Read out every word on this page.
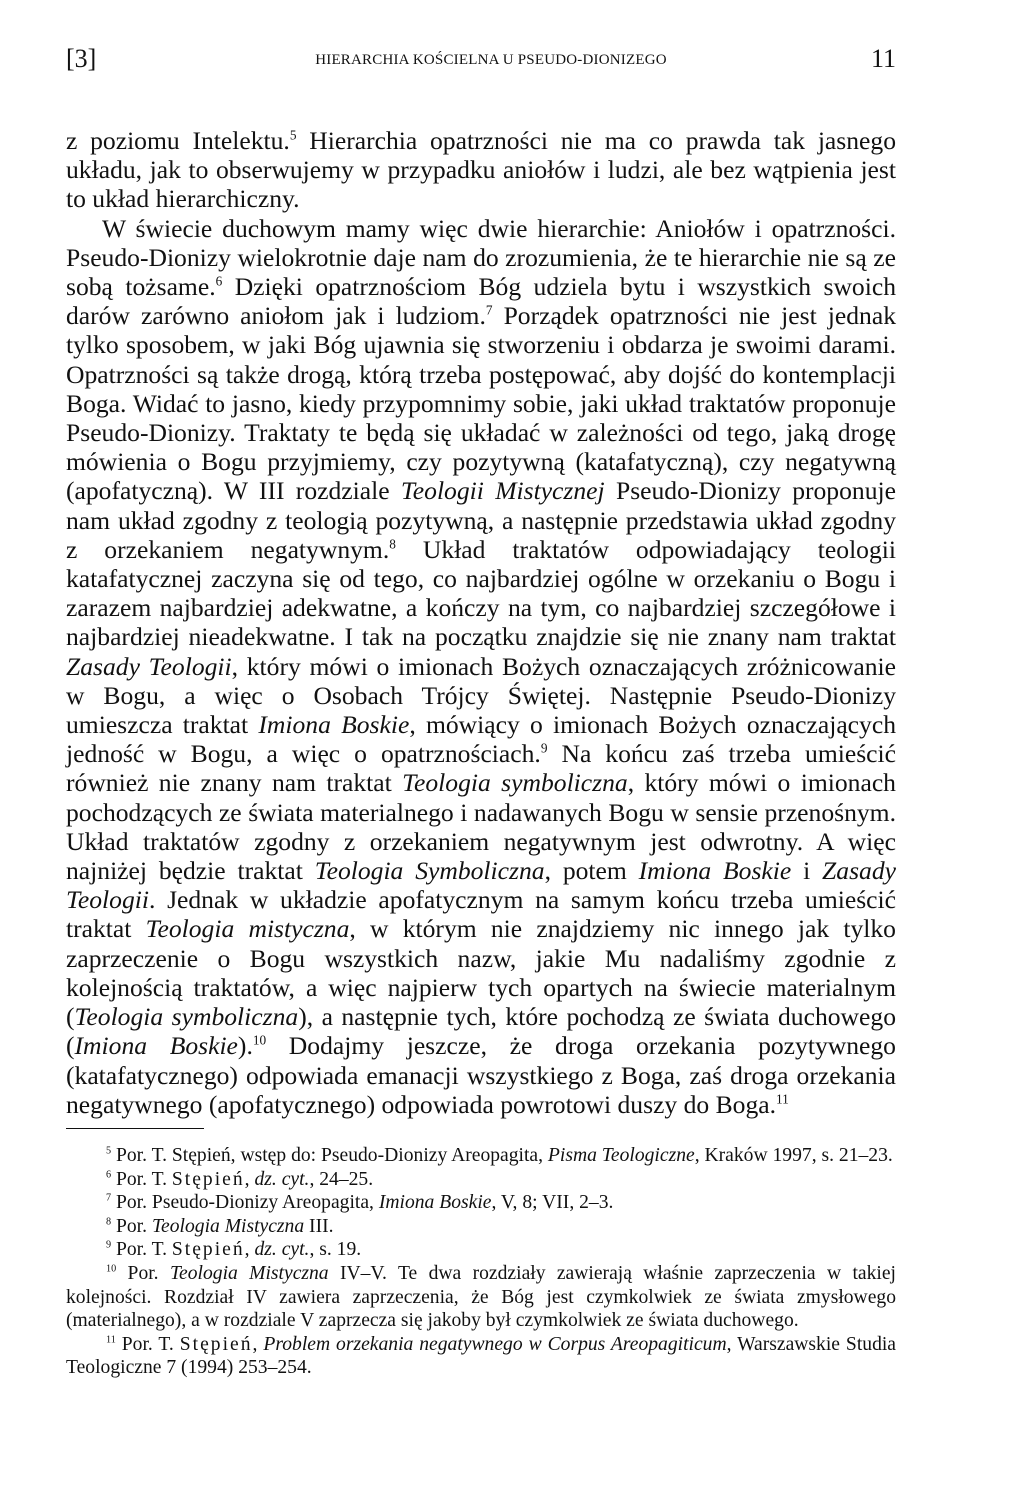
[3]	HIERARCHIA KOŚCIELNA U PSEUDO-DIONIZEGO	11

z poziomu Intelektu.$^5$ Hierarchia opatrzności nie ma co prawda tak jasnego układu, jak to obserwujemy w przypadku aniołów i ludzi, ale bez wątpienia jest to układ hierarchiczny.

W świecie duchowym mamy więc dwie hierarchie: Aniołów i opatrzności. Pseudo-Dionizy wielokrotnie daje nam do zrozumienia, że te hierarchie nie są ze sobą tożsame.$^6$ Dzięki opatrznościom Bóg udziela bytu i wszystkich swoich darów zarówno aniołom jak i ludziom.$^7$ Porządek opatrzności nie jest jednak tylko sposobem, w jaki Bóg ujawnia się stworzeniu i obdarza je swoimi darami. Opatrzności są także drogą, którą trzeba postępować, aby dojść do kontemplacji Boga. Widać to jasno, kiedy przypomnimy sobie, jaki układ traktatów proponuje Pseudo-Dionizy. Traktaty te będą się układać w zależności od tego, jaką drogę mówienia o Bogu przyjmiemy, czy pozytywną (katafatyczną), czy negatywną (apofatyczną). W III rozdziale Teologii Mistycznej Pseudo-Dionizy proponuje nam układ zgodny z teologią pozytywną, a następnie przedstawia układ zgodny z orzekaniem negatywnym.$^8$ Układ traktatów odpowiadający teologii katafatycznej zaczyna się od tego, co najbardziej ogólne w orzekaniu o Bogu i zarazem najbardziej adekwatne, a kończy na tym, co najbardziej szczegółowe i najbardziej nieadekwatne. I tak na początku znajdzie się nie znany nam traktat Zasady Teologii, który mówi o imionach Bożych oznaczających zróżnicowanie w Bogu, a więc o Osobach Trójcy Świętej. Następnie Pseudo-Dionizy umieszcza traktat Imiona Boskie, mówiący o imionach Bożych oznaczających jedność w Bogu, a więc o opatrznościach.$^9$ Na końcu zaś trzeba umieścić również nie znany nam traktat Teologia symboliczna, który mówi o imionach pochodzących ze świata materialnego i nadawanych Bogu w sensie przenośnym. Układ traktatów zgodny z orzekaniem negatywnym jest odwrotny. A więc najniżej będzie traktat Teologia Symboliczna, potem Imiona Boskie i Zasady Teologii. Jednak w układzie apofatycznym na samym końcu trzeba umieścić traktat Teologia mistyczna, w którym nie znajdziemy nic innego jak tylko zaprzeczenie o Bogu wszystkich nazw, jakie Mu nadaliśmy zgodnie z kolejnością traktatów, a więc najpierw tych opartych na świecie materialnym (Teologia symboliczna), a następnie tych, które pochodzą ze świata duchowego (Imiona Boskie).$^{10}$ Dodajmy jeszcze, że droga orzekania pozytywnego (katafatycznego) odpowiada emanacji wszystkiego z Boga, zaś droga orzekania negatywnego (apofatycznego) odpowiada powrotowi duszy do Boga.$^{11}$

$^5$ Por. T. Stępień, wstęp do: Pseudo-Dionizy Areopagita, Pisma Teologiczne, Kraków 1997, s. 21–23.

$^6$ Por. T. Stępień, dz. cyt., 24–25.

$^7$ Por. Pseudo-Dionizy Areopagita, Imiona Boskie, V, 8; VII, 2–3.

$^8$ Por. Teologia Mistyczna III.

$^9$ Por. T. Stępień, dz. cyt., s. 19.

$^{10}$ Por. Teologia Mistyczna IV–V. Te dwa rozdziały zawierają właśnie zaprzeczenia w takiej kolejności. Rozdział IV zawiera zaprzeczenia, że Bóg jest czymkolwiek ze świata zmysłowego (materialnego), a w rozdziale V zaprzecza się jakoby był czymkolwiek ze świata duchowego.

$^{11}$ Por. T. Stępień, Problem orzekania negatywnego w Corpus Areopagiticum, Warszawskie Studia Teologiczne 7 (1994) 253–254.
